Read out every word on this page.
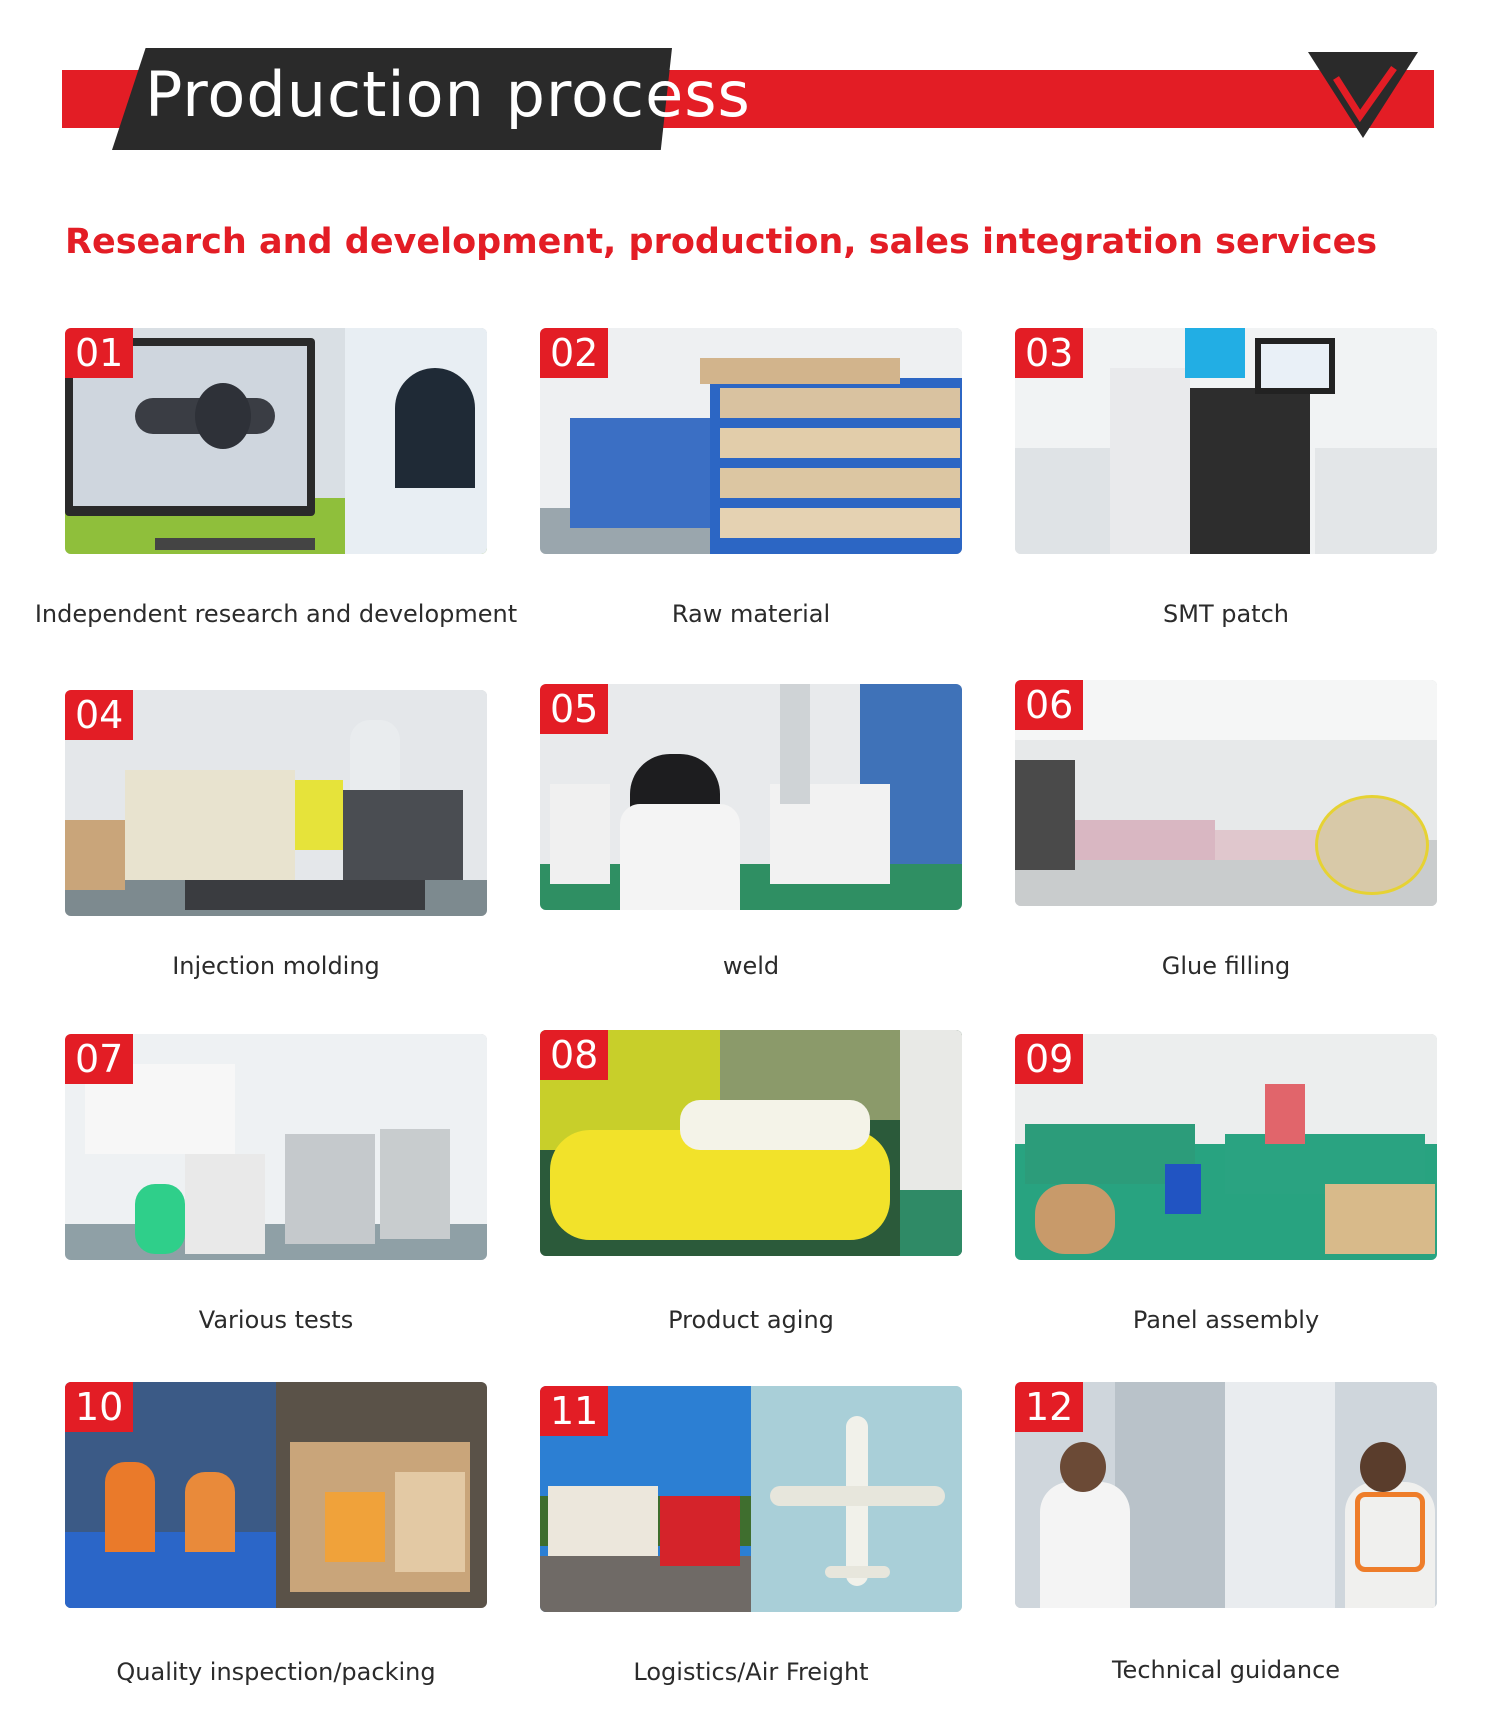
Production process
Research and development, production, sales integration services
01
Independent research and development
02
Raw material
03
SMT patch
04
Injection molding
05
weld
06
Glue filling
07
Various tests
08
Product aging
09
Panel assembly
10
Quality inspection/packing
11
Logistics/Air Freight
12
Technical guidance
